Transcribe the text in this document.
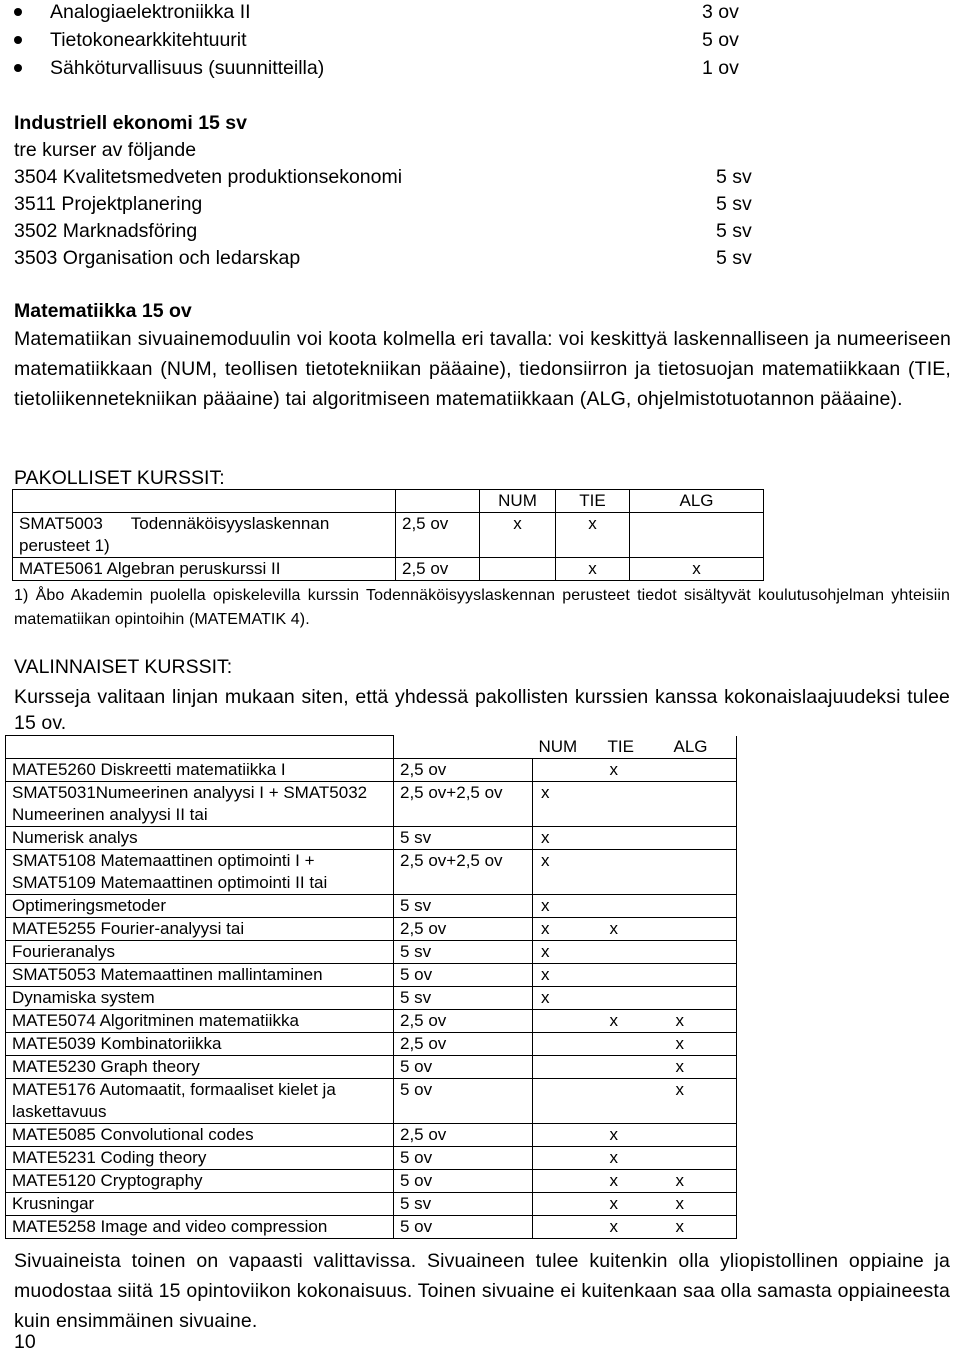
Analogiaelektroniikka II	3 ov
Tietokonearkkitehtuurit	5 ov
Sähköturvallisuus (suunnitteilla)	1 ov
Industriell ekonomi 15 sv
tre kurser av följande
3504 Kvalitetsmedveten produktionsekonomi	5 sv
3511 Projektplanering	5 sv
3502 Marknadsföring	5 sv
3503 Organisation och ledarskap	5 sv
Matematiikka 15 ov

Matematiikan sivuainemoduulin voi koota kolmella eri tavalla: voi keskittyä laskennalliseen ja numeeriseen matematiikkaan (NUM, teollisen tietotekniikan pääaine), tiedonsiirron ja tietosuojan matematiikkaan (TIE, tietoliikennetekniikan pääaine) tai algoritmiseen matematiikkaan (ALG, ohjelmistotuotannon pääaine).

PAKOLLISET KURSSIT:
		NUM	TIE	ALG
SMAT5003      Todennäköisyyslaskennan perusteet 1)	2,5 ov	x	x	
MATE5061 Algebran peruskurssi II	2,5 ov		x	x

1) Åbo Akademin puolella opiskelevilla kurssin Todennäköisyyslaskennan perusteet tiedot sisältyvät koulutusohjelman yhteisiin matematiikan opintoihin (MATEMATIK 4).

VALINNAISET KURSSIT:

Kursseja valitaan linjan mukaan siten, että yhdessä pakollisten kurssien kanssa kokonaislaajuudeksi tulee 15 ov.

		NUM	TIE	ALG
MATE5260 Diskreetti matematiikka I	2,5 ov		x	
SMAT5031Numeerinen analyysi I + SMAT5032 Numeerinen analyysi II tai	2,5 ov+2,5 ov	x		
Numerisk analys	5 sv	x		
SMAT5108 Matemaattinen optimointi I + SMAT5109 Matemaattinen optimointi II tai	2,5 ov+2,5 ov	x		
Optimeringsmetoder	5 sv	x		
MATE5255 Fourier-analyysi tai	2,5 ov	x	x	
Fourieranalys	5 sv	x		
SMAT5053 Matemaattinen mallintaminen	5 ov	x		
Dynamiska system	5 sv	x		
MATE5074 Algoritminen matematiikka	2,5 ov		x	x
MATE5039 Kombinatoriikka	2,5 ov			x
MATE5230 Graph theory	5 ov			x
MATE5176 Automaatit, formaaliset kielet ja laskettavuus	5 ov			x
MATE5085 Convolutional codes	2,5 ov		x	
MATE5231 Coding theory	5 ov		x	
MATE5120 Cryptography	5 ov		x	x
Krusningar	5 sv		x	x
MATE5258 Image and video compression	5 ov		x	x

Sivuaineista toinen on vapaasti valittavissa. Sivuaineen tulee kuitenkin olla yliopistollinen oppiaine ja muodostaa siitä 15 opintoviikon kokonaisuus. Toinen sivuaine ei kuitenkaan saa olla samasta oppiaineesta kuin ensimmäinen sivuaine.

10
